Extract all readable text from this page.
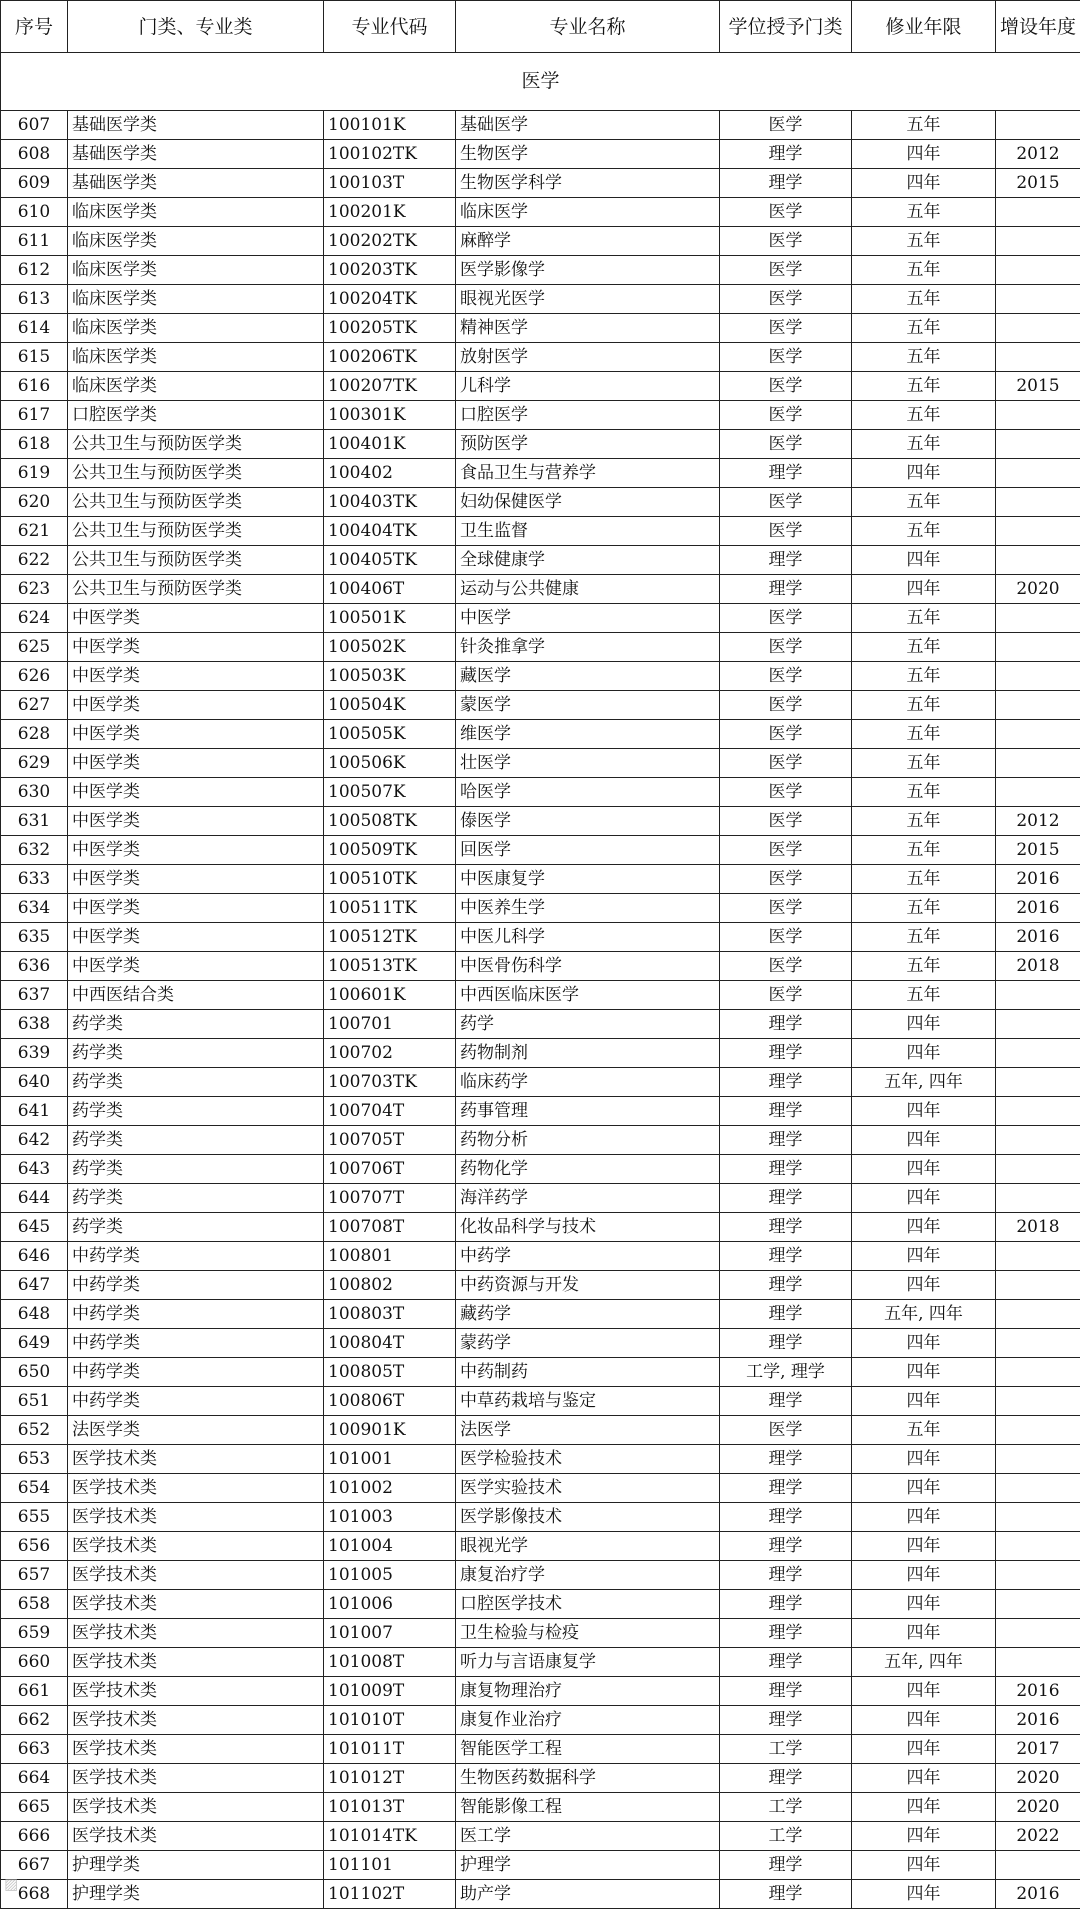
序号	门类、专业类	专业代码	专业名称	学位授予门类	修业年限	增设年度
医学						
607	基础医学类	100101K	基础医学	医学	五年	
608	基础医学类	100102TK	生物医学	理学	四年	2012
609	基础医学类	100103T	生物医学科学	理学	四年	2015
610	临床医学类	100201K	临床医学	医学	五年	
611	临床医学类	100202TK	麻醉学	医学	五年	
612	临床医学类	100203TK	医学影像学	医学	五年	
613	临床医学类	100204TK	眼视光医学	医学	五年	
614	临床医学类	100205TK	精神医学	医学	五年	
615	临床医学类	100206TK	放射医学	医学	五年	
616	临床医学类	100207TK	儿科学	医学	五年	2015
617	口腔医学类	100301K	口腔医学	医学	五年	
618	公共卫生与预防医学类	100401K	预防医学	医学	五年	
619	公共卫生与预防医学类	100402	食品卫生与营养学	理学	四年	
620	公共卫生与预防医学类	100403TK	妇幼保健医学	医学	五年	
621	公共卫生与预防医学类	100404TK	卫生监督	医学	五年	
622	公共卫生与预防医学类	100405TK	全球健康学	理学	四年	
623	公共卫生与预防医学类	100406T	运动与公共健康	理学	四年	2020
624	中医学类	100501K	中医学	医学	五年	
625	中医学类	100502K	针灸推拿学	医学	五年	
626	中医学类	100503K	藏医学	医学	五年	
627	中医学类	100504K	蒙医学	医学	五年	
628	中医学类	100505K	维医学	医学	五年	
629	中医学类	100506K	壮医学	医学	五年	
630	中医学类	100507K	哈医学	医学	五年	
631	中医学类	100508TK	傣医学	医学	五年	2012
632	中医学类	100509TK	回医学	医学	五年	2015
633	中医学类	100510TK	中医康复学	医学	五年	2016
634	中医学类	100511TK	中医养生学	医学	五年	2016
635	中医学类	100512TK	中医儿科学	医学	五年	2016
636	中医学类	100513TK	中医骨伤科学	医学	五年	2018
637	中西医结合类	100601K	中西医临床医学	医学	五年	
638	药学类	100701	药学	理学	四年	
639	药学类	100702	药物制剂	理学	四年	
640	药学类	100703TK	临床药学	理学	五年, 四年	
641	药学类	100704T	药事管理	理学	四年	
642	药学类	100705T	药物分析	理学	四年	
643	药学类	100706T	药物化学	理学	四年	
644	药学类	100707T	海洋药学	理学	四年	
645	药学类	100708T	化妆品科学与技术	理学	四年	2018
646	中药学类	100801	中药学	理学	四年	
647	中药学类	100802	中药资源与开发	理学	四年	
648	中药学类	100803T	藏药学	理学	五年, 四年	
649	中药学类	100804T	蒙药学	理学	四年	
650	中药学类	100805T	中药制药	工学, 理学	四年	
651	中药学类	100806T	中草药栽培与鉴定	理学	四年	
652	法医学类	100901K	法医学	医学	五年	
653	医学技术类	101001	医学检验技术	理学	四年	
654	医学技术类	101002	医学实验技术	理学	四年	
655	医学技术类	101003	医学影像技术	理学	四年	
656	医学技术类	101004	眼视光学	理学	四年	
657	医学技术类	101005	康复治疗学	理学	四年	
658	医学技术类	101006	口腔医学技术	理学	四年	
659	医学技术类	101007	卫生检验与检疫	理学	四年	
660	医学技术类	101008T	听力与言语康复学	理学	五年, 四年	
661	医学技术类	101009T	康复物理治疗	理学	四年	2016
662	医学技术类	101010T	康复作业治疗	理学	四年	2016
663	医学技术类	101011T	智能医学工程	工学	四年	2017
664	医学技术类	101012T	生物医药数据科学	理学	四年	2020
665	医学技术类	101013T	智能影像工程	工学	四年	2020
666	医学技术类	101014TK	医工学	工学	四年	2022
667	护理学类	101101	护理学	理学	四年	
668	护理学类	101102T	助产学	理学	四年	2016
▨
